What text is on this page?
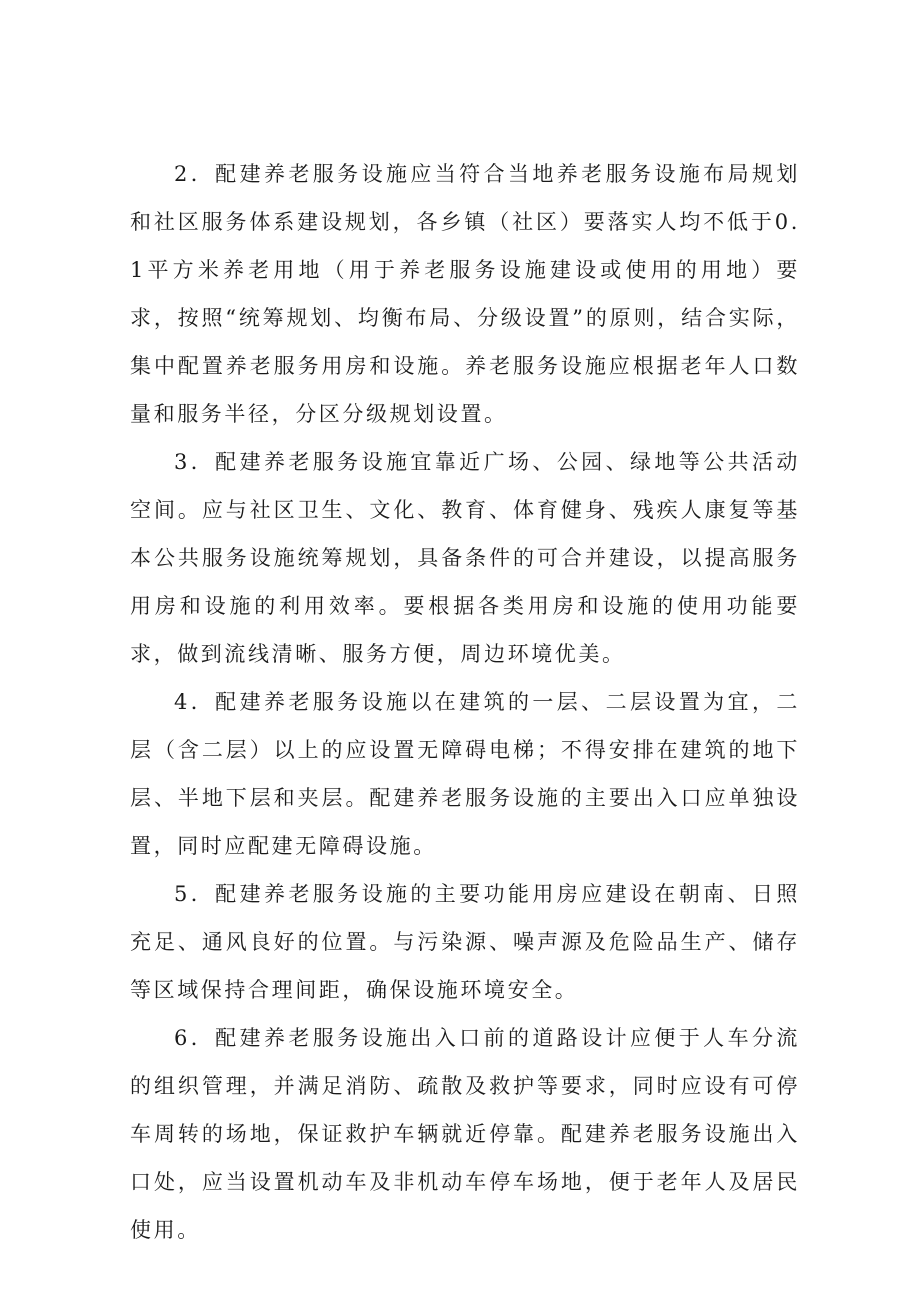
2．配建养老服务设施应当符合当地养老服务设施布局规划和社区服务体系建设规划，各乡镇（社区）要落实人均不低于0.1平方米养老用地（用于养老服务设施建设或使用的用地）要求，按照“统筹规划、均衡布局、分级设置”的原则，结合实际，集中配置养老服务用房和设施。养老服务设施应根据老年人口数量和服务半径，分区分级规划设置。

3．配建养老服务设施宜靠近广场、公园、绿地等公共活动空间。应与社区卫生、文化、教育、体育健身、残疾人康复等基本公共服务设施统筹规划，具备条件的可合并建设，以提高服务用房和设施的利用效率。要根据各类用房和设施的使用功能要求，做到流线清晰、服务方便，周边环境优美。

4．配建养老服务设施以在建筑的一层、二层设置为宜，二层（含二层）以上的应设置无障碍电梯；不得安排在建筑的地下层、半地下层和夹层。配建养老服务设施的主要出入口应单独设置，同时应配建无障碍设施。

5．配建养老服务设施的主要功能用房应建设在朝南、日照充足、通风良好的位置。与污染源、噪声源及危险品生产、储存等区域保持合理间距，确保设施环境安全。

6．配建养老服务设施出入口前的道路设计应便于人车分流的组织管理，并满足消防、疏散及救护等要求，同时应设有可停车周转的场地，保证救护车辆就近停靠。配建养老服务设施出入口处，应当设置机动车及非机动车停车场地，便于老年人及居民使用。
